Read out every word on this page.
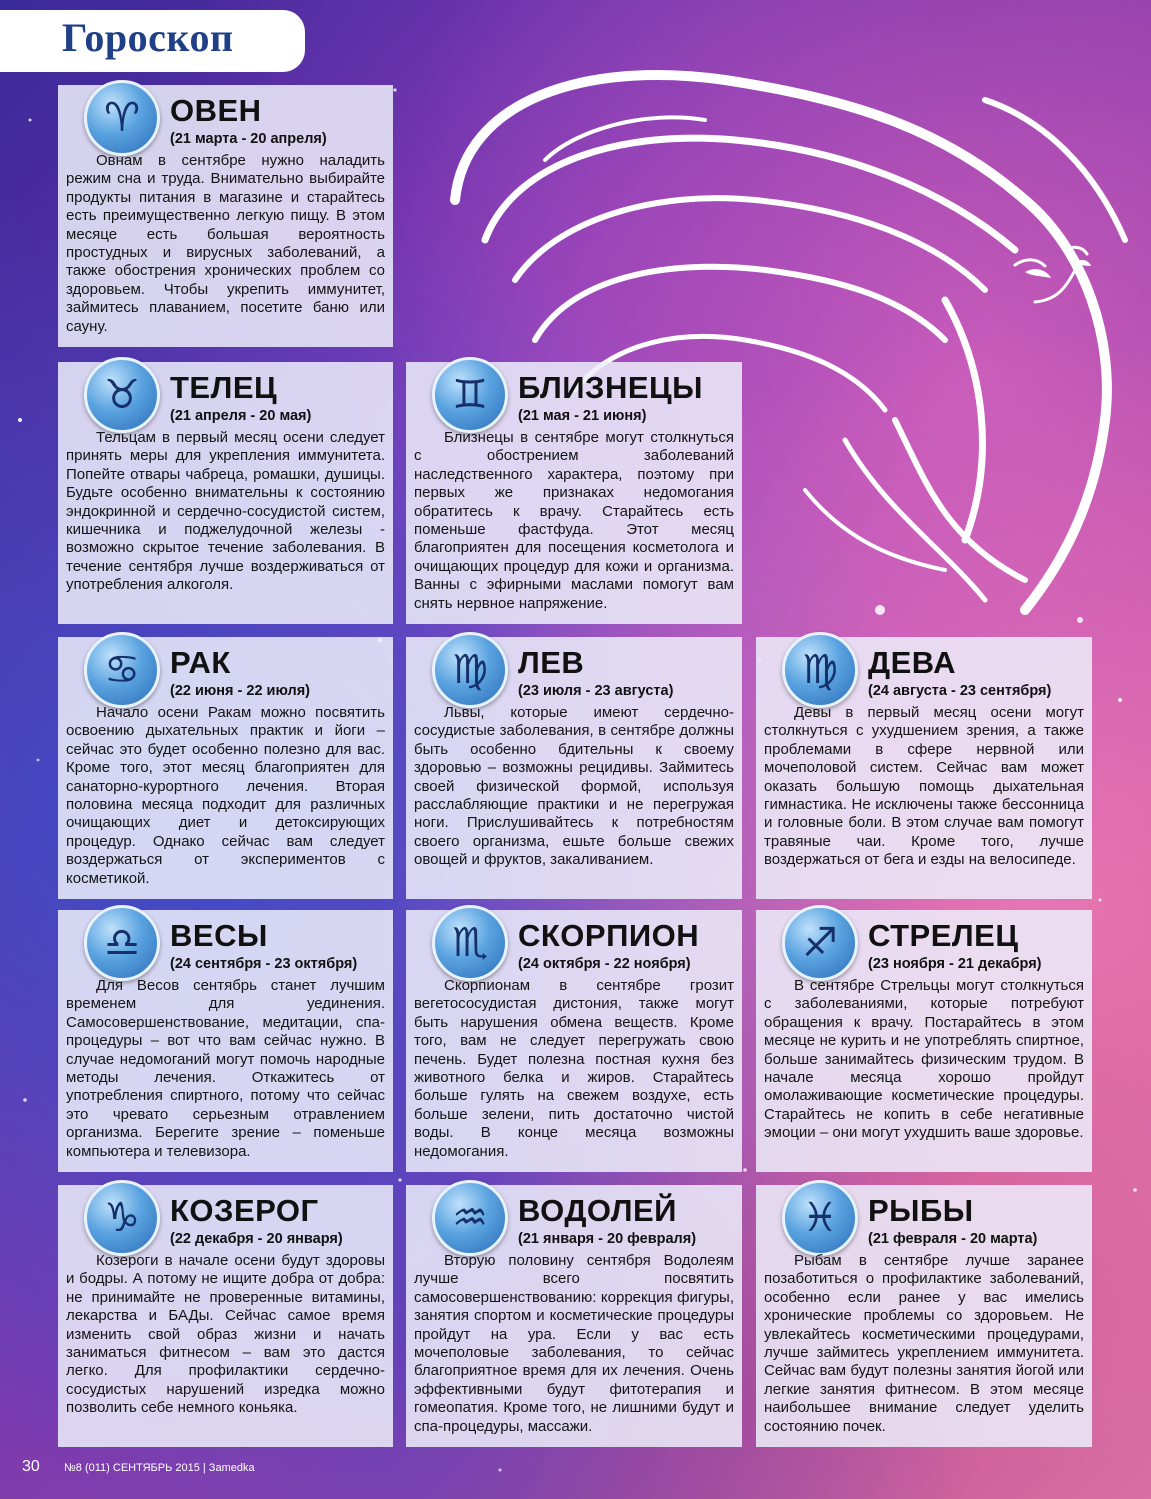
Гороскоп
♈ ОВЕН
(21 марта - 20 апреля)
Овнам в сентябре нужно наладить режим сна и труда. Внимательно выбирайте продукты питания в магазине и старайтесь есть преимущественно легкую пищу. В этом месяце есть большая вероятность простудных и вирусных заболеваний, а также обострения хронических проблем со здоровьем. Чтобы укрепить иммунитет, займитесь плаванием, посетите баню или сауну.
♉ ТЕЛЕЦ
(21 апреля - 20 мая)
Тельцам в первый месяц осени следует принять меры для укрепления иммунитета. Попейте отвары чабреца, ромашки, душицы. Будьте особенно внимательны к состоянию эндокринной и сердечно-сосудистой систем, кишечника и поджелудочной железы - возможно скрытое течение заболевания. В течение сентября лучше воздерживаться от употребления алкоголя.
♊ БЛИЗНЕЦЫ
(21 мая - 21 июня)
Близнецы в сентябре могут столкнуться с обострением заболеваний наследственного характера, поэтому при первых же признаках недомогания обратитесь к врачу. Старайтесь есть поменьше фастфуда. Этот месяц благоприятен для посещения косметолога и очищающих процедур для кожи и организма. Ванны с эфирными маслами помогут вам снять нервное напряжение.
♋ РАК
(22 июня - 22 июля)
Начало осени Ракам можно посвятить освоению дыхательных практик и йоги – сейчас это будет особенно полезно для вас. Кроме того, этот месяц благоприятен для санаторно-курортного лечения. Вторая половина месяца подходит для различных очищающих диет и детоксирующих процедур. Однако сейчас вам следует воздержаться от экспериментов с косметикой.
♍ ЛЕВ
(23 июля - 23 августа)
Львы, которые имеют сердечно-сосудистые заболевания, в сентябре должны быть особенно бдительны к своему здоровью – возможны рецидивы. Займитесь своей физической формой, используя расслабляющие практики и не перегружая ноги. Прислушивайтесь к потребностям своего организма, ешьте больше свежих овощей и фруктов, закаливанием.
♍ ДЕВА
(24 августа - 23 сентября)
Девы в первый месяц осени могут столкнуться с ухудшением зрения, а также проблемами в сфере нервной или мочеполовой систем. Сейчас вам может оказать большую помощь дыхательная гимнастика. Не исключены также бессонница и головные боли. В этом случае вам помогут травяные чаи. Кроме того, лучше воздержаться от бега и езды на велосипеде.
♎ ВЕСЫ
(24 сентября - 23 октября)
Для Весов сентябрь станет лучшим временем для уединения. Самосовершенствование, медитации, спа-процедуры – вот что вам сейчас нужно. В случае недомоганий могут помочь народные методы лечения. Откажитесь от употребления спиртного, потому что сейчас это чревато серьезным отравлением организма. Берегите зрение – поменьше компьютера и телевизора.
♏ СКОРПИОН
(24 октября - 22 ноября)
Скорпионам в сентябре грозит вегетососудистая дистония, также могут быть нарушения обмена веществ. Кроме того, вам не следует перегружать свою печень. Будет полезна постная кухня без животного белка и жиров. Старайтесь больше гулять на свежем воздухе, есть больше зелени, пить достаточно чистой воды. В конце месяца возможны недомогания.
♐ СТРЕЛЕЦ
(23 ноября - 21 декабря)
В сентябре Стрельцы могут столкнуться с заболеваниями, которые потребуют обращения к врачу. Постарайтесь в этом месяце не курить и не употреблять спиртное, больше занимайтесь физическим трудом. В начале месяца хорошо пройдут омолаживающие косметические процедуры. Старайтесь не копить в себе негативные эмоции – они могут ухудшить ваше здоровье.
♑ КОЗЕРОГ
(22 декабря - 20 января)
Козероги в начале осени будут здоровы и бодры. А потому не ищите добра от добра: не принимайте не проверенные витамины, лекарства и БАДы. Сейчас самое время изменить свой образ жизни и начать заниматься фитнесом – вам это дастся легко. Для профилактики сердечно-сосудистых нарушений изредка можно позволить себе немного коньяка.
♒ ВОДОЛЕЙ
(21 января - 20 февраля)
Вторую половину сентября Водолеям лучше всего посвятить самосовершенствованию: коррекция фигуры, занятия спортом и косметические процедуры пройдут на ура. Если у вас есть мочеполовые заболевания, то сейчас благоприятное время для их лечения. Очень эффективными будут фитотерапия и гомеопатия. Кроме того, не лишними будут и спа-процедуры, массажи.
♓ РЫБЫ
(21 февраля - 20 марта)
Рыбам в сентябре лучше заранее позаботиться о профилактике заболеваний, особенно если ранее у вас имелись хронические проблемы со здоровьем. Не увлекайтесь косметическими процедурами, лучше займитесь укреплением иммунитета. Сейчас вам будут полезны занятия йогой или легкие занятия фитнесом. В этом месяце наибольшее внимание следует уделить состоянию почек.
30 №8 (011) СЕНТЯБРЬ 2015 | Заmedka
